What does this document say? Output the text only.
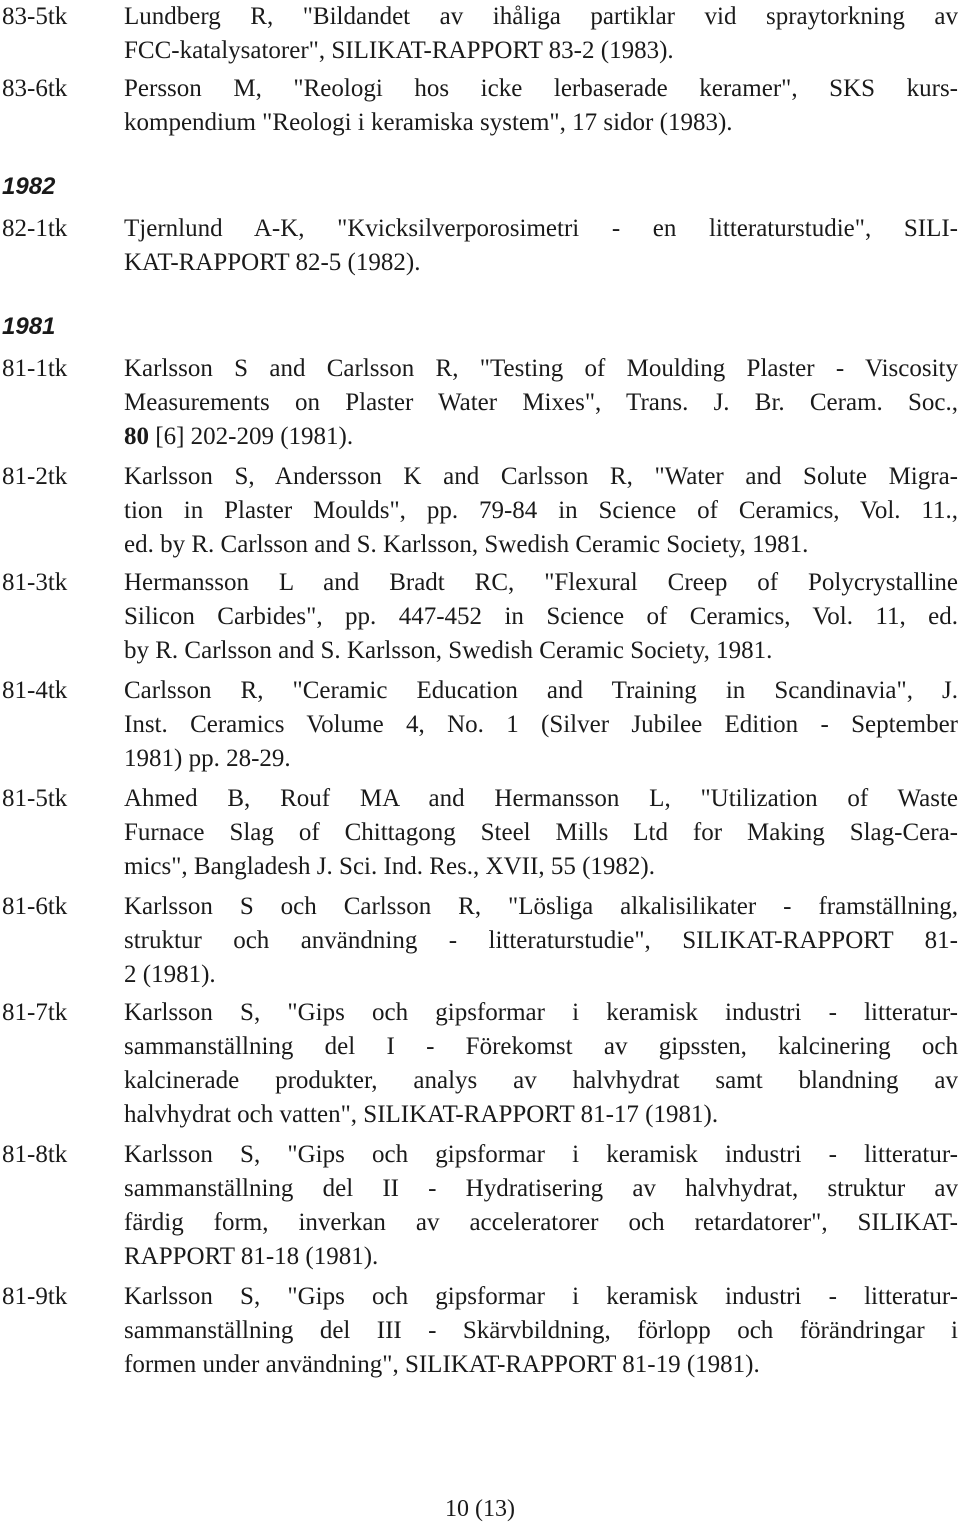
83-5tk Lundberg R, "Bildandet av ihåliga partiklar vid spraytorkning av
FCC-katalysatorer", SILIKAT-RAPPORT 83-2 (1983).
83-6tk Persson M, "Reologi hos icke lerbaserade keramer", SKS kurs-
kompendium "Reologi i keramiska system", 17 sidor (1983).
1982
82-1tk Tjernlund A-K, "Kvicksilverporosimetri - en litteraturstudie", SILI-
KAT-RAPPORT 82-5 (1982).
1981
81-1tk Karlsson S and Carlsson R, "Testing of Moulding Plaster - Viscosity
Measurements on Plaster Water Mixes", Trans. J. Br. Ceram. Soc.,
80 [6] 202-209 (1981).
81-2tk Karlsson S, Andersson K and Carlsson R, "Water and Solute Migra-
tion in Plaster Moulds", pp. 79-84 in Science of Ceramics, Vol. 11.,
ed. by R. Carlsson and S. Karlsson, Swedish Ceramic Society, 1981.
81-3tk Hermansson L and Bradt RC, "Flexural Creep of Polycrystalline
Silicon Carbides", pp. 447-452 in Science of Ceramics, Vol. 11, ed.
by R. Carlsson and S. Karlsson, Swedish Ceramic Society, 1981.
81-4tk Carlsson R, "Ceramic Education and Training in Scandinavia", J.
Inst. Ceramics Volume 4, No. 1 (Silver Jubilee Edition - September
1981) pp. 28-29.
81-5tk Ahmed B, Rouf MA and Hermansson L, "Utilization of Waste
Furnace Slag of Chittagong Steel Mills Ltd for Making Slag-Cera-
mics", Bangladesh J. Sci. Ind. Res., XVII, 55 (1982).
81-6tk Karlsson S och Carlsson R, "Lösliga alkalisilikater - framställning,
struktur och användning - litteraturstudie", SILIKAT-RAPPORT 81-
2 (1981).
81-7tk Karlsson S, "Gips och gipsformar i keramisk industri - litteratur-
sammanställning del I - Förekomst av gipssten, kalcinering och
kalcinerade produkter, analys av halvhydrat samt blandning av
halvhydrat och vatten", SILIKAT-RAPPORT 81-17 (1981).
81-8tk Karlsson S, "Gips och gipsformar i keramisk industri - litteratur-
sammanställning del II - Hydratisering av halvhydrat, struktur av
färdig form, inverkan av acceleratorer och retardatorer", SILIKAT-
RAPPORT 81-18 (1981).
81-9tk Karlsson S, "Gips och gipsformar i keramisk industri - litteratur-
sammanställning del III - Skärvbildning, förlopp och förändringar i
formen under användning", SILIKAT-RAPPORT 81-19 (1981).
10 (13)
